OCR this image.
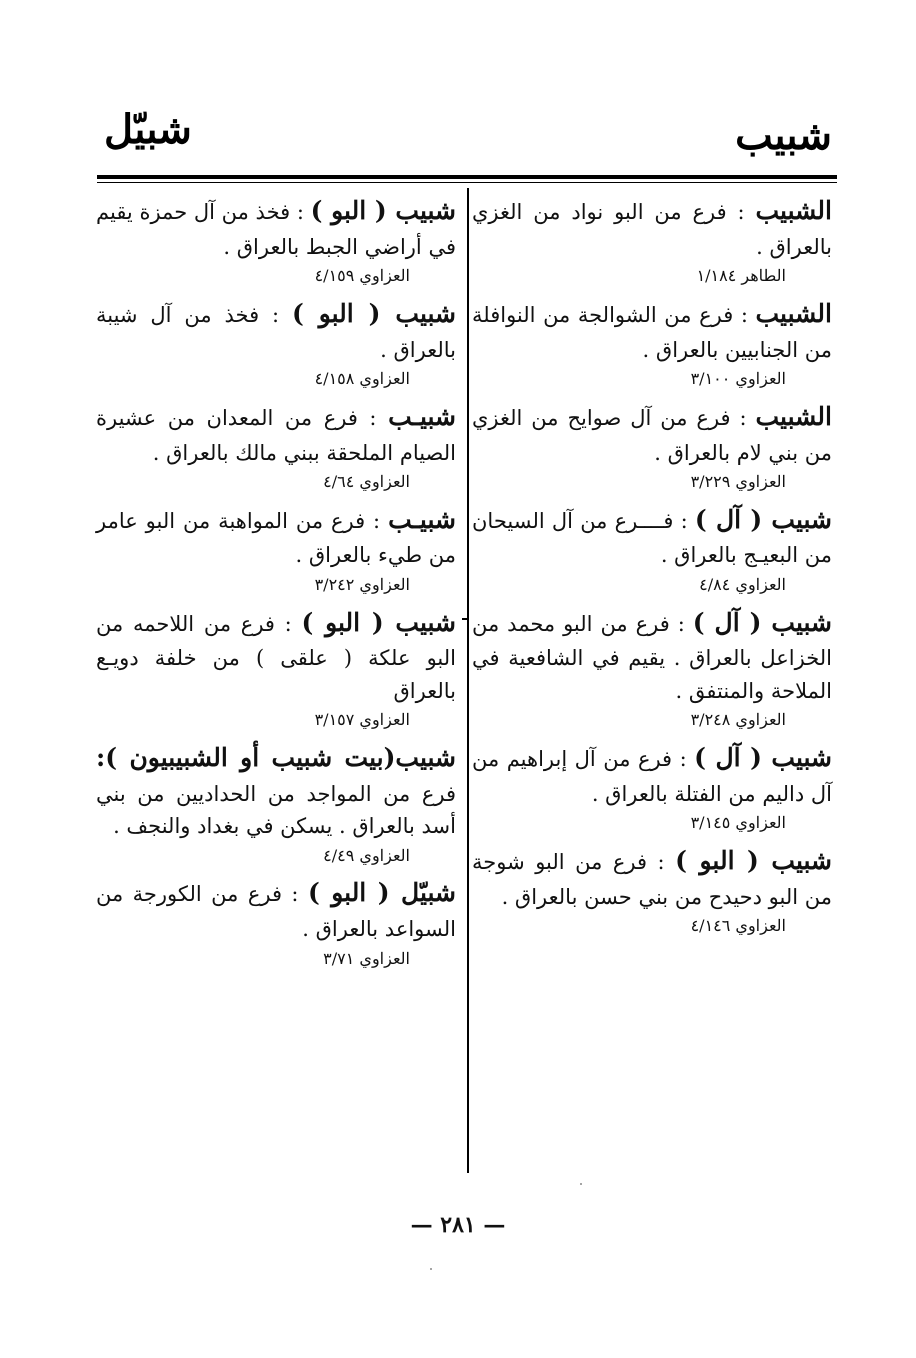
شبيب
شبيّل

الشبيب : فرع من البو نواد من الغزي بالعراق .

الطاهر ١/١٨٤

الشبيب : فرع من الشوالجة من النوافلة من الجنابيين بالعراق .

العزاوي ٣/١٠٠

الشبيب : فرع من آل صوايح من الغزي من بني لام بالعراق .

العزاوي ٣/٢٢٩

شبيب ( آل ) : فــــرع من آل السيحان من البعيـج بالعراق .

العزاوي ٤/٨٤

شبيب ( آل ) : فرع من البو محمد من الخزاعل بالعراق . يقيم في الشافعية في الملاحة والمنتفق .

العزاوي ٣/٢٤٨

شبيب ( آل ) : فرع من آل إبراهيم من آل داليم من الفتلة بالعراق .

العزاوي ٣/١٤٥

شبيب ( البو ) : فرع من البو شوجة من البو دحيدح من بني حسن بالعراق .

العزاوي ٤/١٤٦

شبيب ( البو ) : فخذ من آل حمزة يقيم في أراضي الجبط بالعراق .

العزاوي ٤/١٥٩

شبيب ( البو ) : فخذ من آل شيبة بالعراق .

العزاوي ٤/١٥٨

شبيـب : فرع من المعدان من عشيرة الصيام الملحقة ببني مالك بالعراق .

العزاوي ٤/٦٤

شبيـب : فرع من المواهبة من البو عامر من طيء بالعراق .

العزاوي ٣/٢٤٢

شبيب ( البو ) : فرع من اللاحمه من البو علكة ( علقى ) من خلفة دويـع بالعراق

العزاوي ٣/١٥٧

شبيب(بيت شبيب أو الشبيبيون ): فرع من المواجد من الحداديين من بني أسد بالعراق . يسكن في بغداد والنجف .

العزاوي ٤/٤٩

شبيّل ( البو ) : فرع من الكورجة من السواعد بالعراق .

العزاوي ٣/٧١
— ٢٨١ —
